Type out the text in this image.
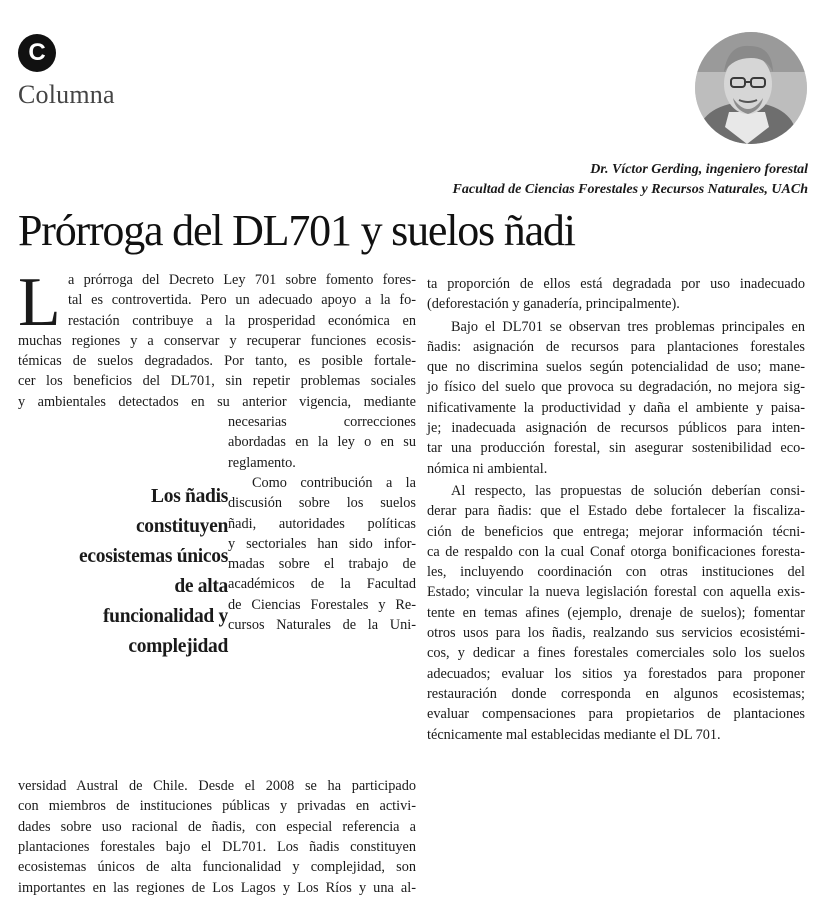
C
Columna
Dr. Víctor Gerding, ingeniero forestal
Facultad de Ciencias Forestales y Recursos Naturales, UACh
Prórroga del DL701 y suelos ñadi
L a prórroga del Decreto Ley 701 sobre fomento fores-
tal es controvertida. Pero un adecuado apoyo a la fo-
restación contribuye a la prosperidad económica en
muchas regiones y a conservar y recuperar funciones ecosis-
témicas de suelos degradados. Por tanto, es posible fortale-
cer los beneficios del DL701, sin repetir problemas sociales
y ambientales detectados en su anterior vigencia, mediante
Los ñadis
constituyen
ecosistemas únicos
de alta
funcionalidad y
complejidad
necesarias correcciones
abordadas en la ley o en su
reglamento.
Como contribución a la
discusión sobre los suelos
ñadi, autoridades políticas
y sectoriales han sido infor-
madas sobre el trabajo de
académicos de la Facultad
de Ciencias Forestales y Re-
cursos Naturales de la Uni-
versidad Austral de Chile. Desde el 2008 se ha participado
con miembros de instituciones públicas y privadas en activi-
dades sobre uso racional de ñadis, con especial referencia a
plantaciones forestales bajo el DL701. Los ñadis constituyen
ecosistemas únicos de alta funcionalidad y complejidad, son
importantes en las regiones de Los Lagos y Los Ríos y una al-
ta proporción de ellos está degradada por uso inadecuado
(deforestación y ganadería, principalmente).
Bajo el DL701 se observan tres problemas principales en
ñadis: asignación de recursos para plantaciones forestales
que no discrimina suelos según potencialidad de uso; mane-
jo físico del suelo que provoca su degradación, no mejora sig-
nificativamente la productividad y daña el ambiente y paisa-
je; inadecuada asignación de recursos públicos para inten-
tar una producción forestal, sin asegurar sostenibilidad eco-
nómica ni ambiental.
Al respecto, las propuestas de solución deberían consi-
derar para ñadis: que el Estado debe fortalecer la fiscaliza-
ción de beneficios que entrega; mejorar información técni-
ca de respaldo con la cual Conaf otorga bonificaciones foresta-
les, incluyendo coordinación con otras instituciones del
Estado; vincular la nueva legislación forestal con aquella exis-
tente en temas afines (ejemplo, drenaje de suelos); fomentar
otros usos para los ñadis, realzando sus servicios ecosistémi-
cos, y dedicar a fines forestales comerciales solo los suelos
adecuados; evaluar los sitios ya forestados para proponer
restauración donde corresponda en algunos ecosistemas;
evaluar compensaciones para propietarios de plantaciones
técnicamente mal establecidas mediante el DL 701.
